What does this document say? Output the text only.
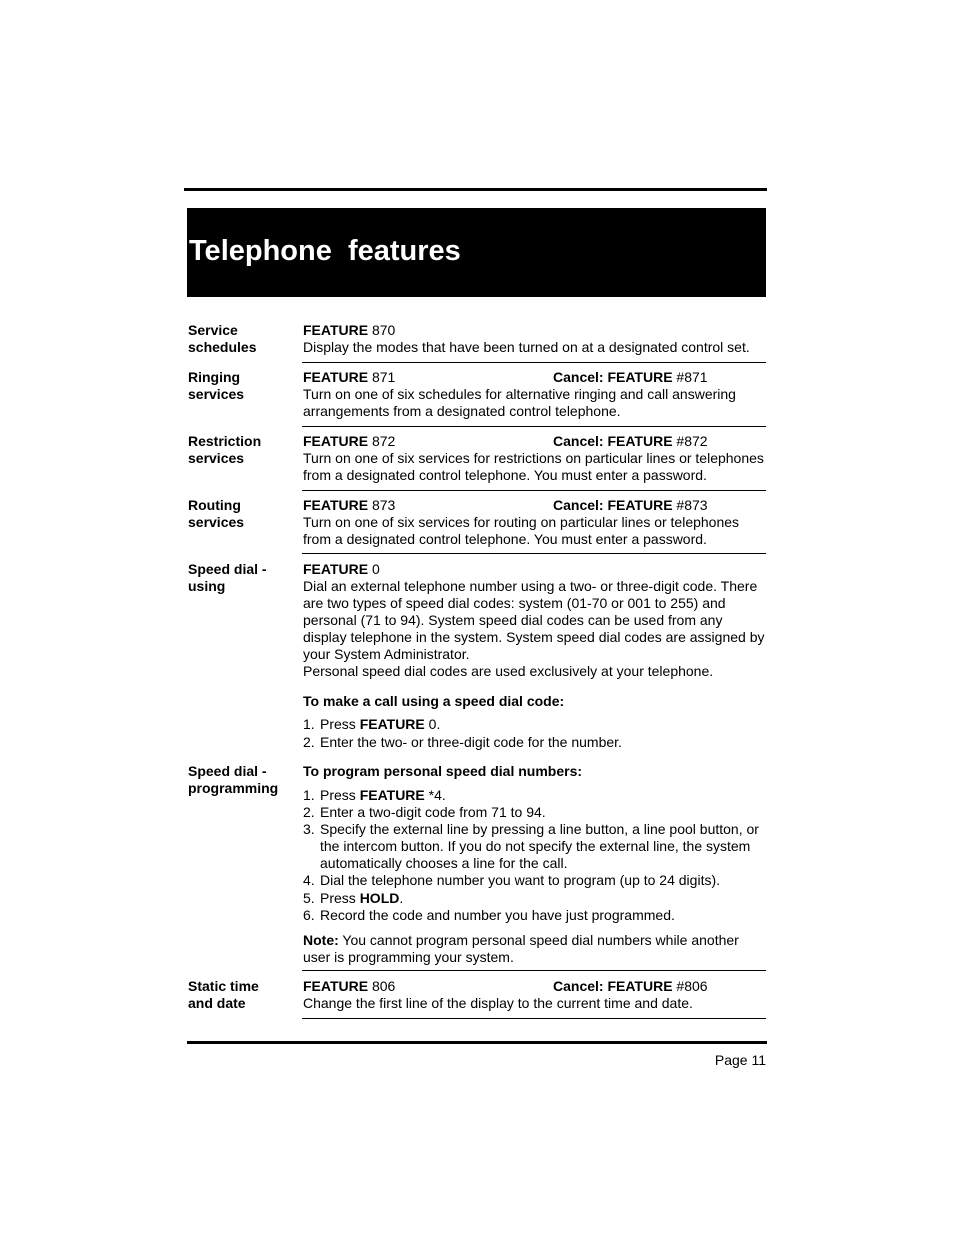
Telephone  features
Service
schedules
FEATURE 870
Display the modes that have been turned on at a designated control set.
Ringing
services
FEATURE 871	Cancel: FEATURE #871
Turn on one of six schedules for alternative ringing and call answering arrangements from a designated control telephone.
Restriction
services
FEATURE 872	Cancel: FEATURE #872
Turn on one of six services for restrictions on particular lines or telephones from a designated control telephone. You must enter a password.
Routing
services
FEATURE 873	Cancel: FEATURE #873
Turn on one of six services for routing on particular lines or telephones from a designated control telephone. You must enter a password.
Speed dial -
using
FEATURE 0
Dial an external telephone number using a two- or three-digit code. There are two types of speed dial codes: system (01-70 or 001 to 255) and personal (71 to 94). System speed dial codes can be used from any display telephone in the system. System speed dial codes are assigned by your System Administrator.
Personal speed dial codes are used exclusively at your telephone.
To make a call using a speed dial code:
1. Press FEATURE 0.
2. Enter the two- or three-digit code for the number.
Speed dial -
programming
To program personal speed dial numbers:
1. Press FEATURE *4.
2. Enter a two-digit code from 71 to 94.
3. Specify the external line by pressing a line button, a line pool button, or the intercom button. If you do not specify the external line, the system automatically chooses a line for the call.
4. Dial the telephone number you want to program (up to 24 digits).
5. Press HOLD.
6. Record the code and number you have just programmed.
Note: You cannot program personal speed dial numbers while another user is programming your system.
Static time
and date
FEATURE 806	Cancel: FEATURE #806
Change the first line of the display to the current time and date.
Page 11
